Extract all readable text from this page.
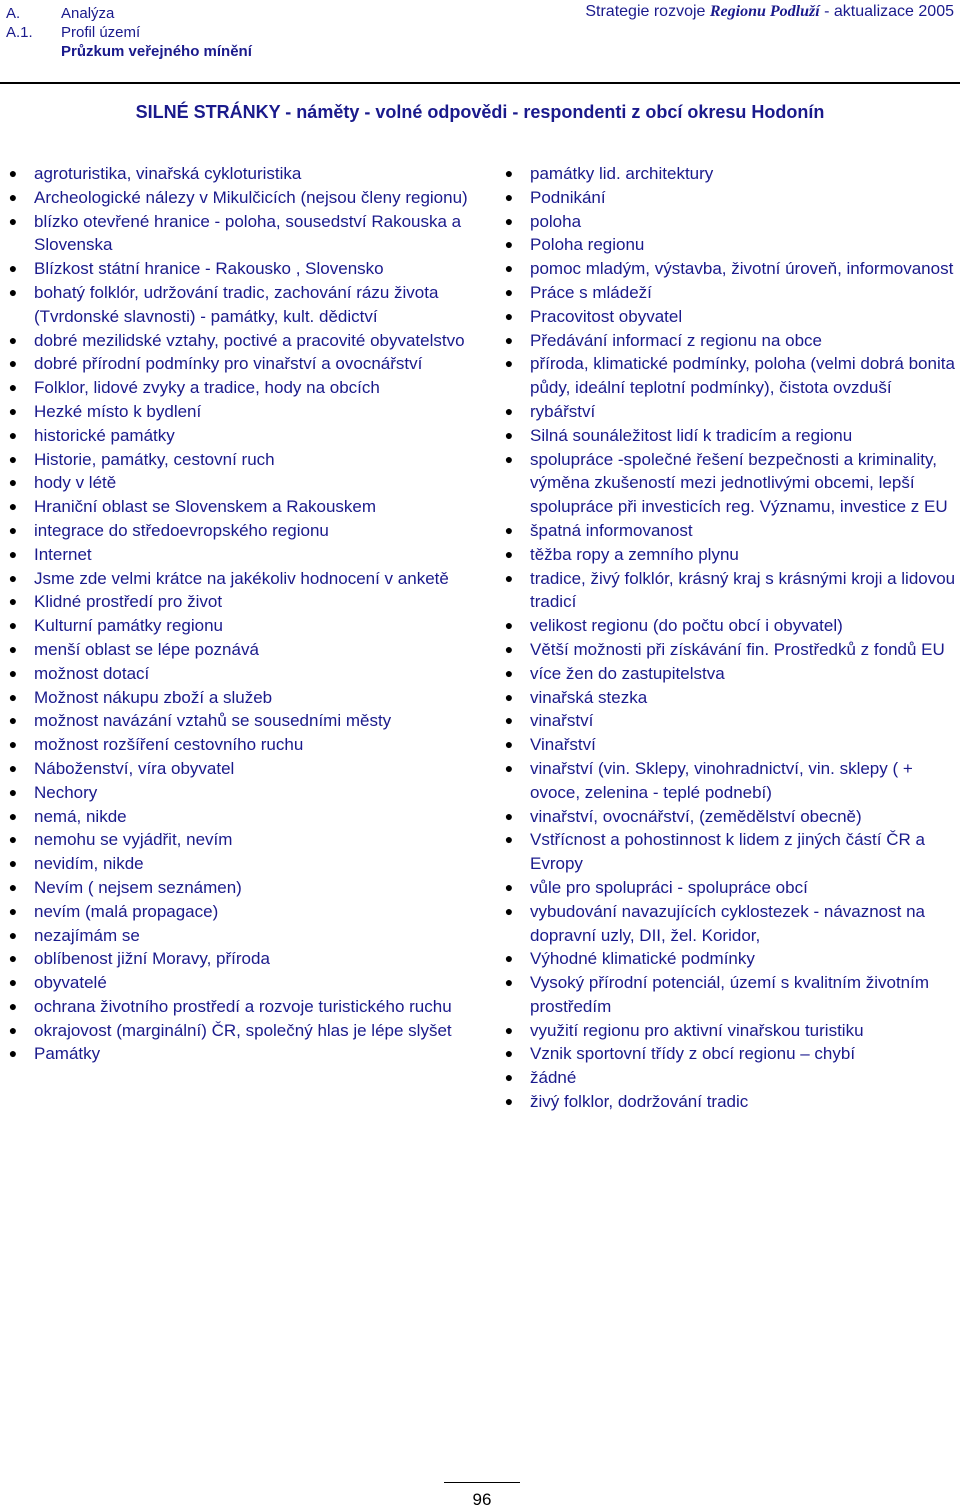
A.	Analýza
A.1.	Profil území
Průzkum veřejného mínění
Strategie rozvoje Regionu Podluží - aktualizace 2005
SILNÉ STRÁNKY - náměty - volné odpovědi - respondenti z obcí okresu Hodonín
● agroturistika, vinařská cykloturistika
● Archeologické nálezy v Mikulčicích (nejsou členy regionu)
● blízko otevřené hranice - poloha, sousedství Rakouska a Slovenska
● Blízkost státní hranice - Rakousko , Slovensko
● bohatý folklór, udržování tradic, zachování rázu života (Tvrdonské slavnosti) - památky, kult. dědictví
● dobré mezilidské vztahy, poctivé a pracovité obyvatelstvo
● dobré přírodní podmínky pro vinařství a ovocnářství
● Folklor, lidové zvyky a tradice, hody na obcích
● Hezké místo k bydlení
● historické památky
● Historie, památky, cestovní ruch
● hody v létě
● Hraniční oblast se Slovenskem a Rakouskem
● integrace do středoevropského regionu
● Internet
● Jsme zde velmi krátce na jakékoliv hodnocení v anketě
● Klidné prostředí pro život
● Kulturní památky regionu
● menší oblast se lépe poznává
● možnost dotací
● Možnost nákupu zboží a služeb
● možnost navázání vztahů se sousedními městy
● možnost rozšíření cestovního ruchu
● Náboženství, víra obyvatel
● Nechory
● nemá, nikde
● nemohu se vyjádřit, nevím
● nevidím, nikde
● Nevím ( nejsem seznámen)
● nevím (malá propagace)
● nezajímám se
● oblíbenost jižní Moravy, příroda
● obyvatelé
● ochrana životního prostředí a rozvoje turistického ruchu
● okrajovost (marginální) ČR, společný hlas je lépe slyšet
● Památky
● památky lid. architektury
● Podnikání
● poloha
● Poloha regionu
● pomoc mladým, výstavba, životní úroveň, informovanost
● Práce s mládeží
● Pracovitost obyvatel
● Předávání informací z regionu na obce
● příroda, klimatické podmínky, poloha (velmi dobrá bonita půdy, ideální teplotní podmínky), čistota ovzduší
● rybářství
● Silná sounáležitost lidí k tradicím a regionu
● spolupráce -společné řešení bezpečnosti a kriminality, výměna zkušeností mezi jednotlivými obcemi, lepší spolupráce při investicích reg. Významu, investice z EU
● špatná informovanost
● těžba ropy a zemního plynu
● tradice, živý folklór, krásný kraj s krásnými kroji a lidovou tradicí
● velikost regionu (do počtu obcí i obyvatel)
● Větší možnosti při získávání fin. Prostředků z fondů EU
● více žen do zastupitelstva
● vinařská stezka
● vinařství
● Vinařství
● vinařství (vin. Sklepy, vinohradnictví, vin. sklepy ( + ovoce, zelenina - teplé podnebí)
● vinařství, ovocnářství, (zemědělství obecně)
● Vstřícnost a pohostinnost k lidem z jiných částí ČR a Evropy
● vůle pro spolupráci - spolupráce obcí
● vybudování navazujících cyklostezek - návaznost na dopravní uzly, DII, žel. Koridor,
● Výhodné klimatické podmínky
● Vysoký přírodní potenciál, území s kvalitním životním prostředím
● využití regionu pro aktivní vinařskou turistiku
● Vznik sportovní třídy z obcí regionu – chybí
● žádné
● živý folklor, dodržování tradic
96
